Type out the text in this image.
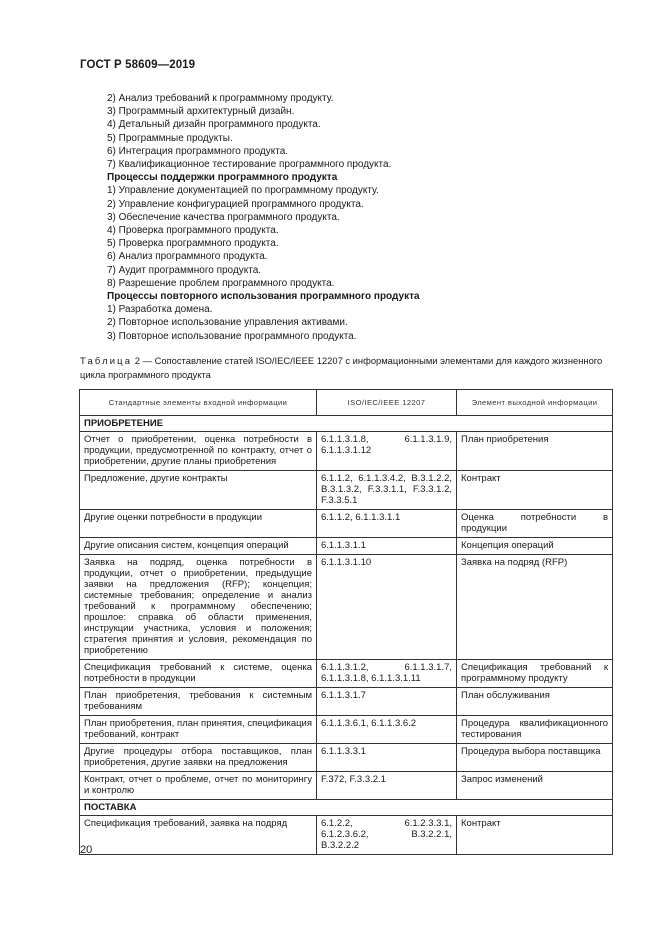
ГОСТ Р 58609—2019
2) Анализ требований к программному продукту.
3) Программный архитектурный дизайн.
4) Детальный дизайн программного продукта.
5) Программные продукты.
6) Интеграция программного продукта.
7) Квалификационное тестирование программного продукта.
Процессы поддержки программного продукта
1) Управление документацией по программному продукту.
2) Управление конфигурацией программного продукта.
3) Обеспечение качества программного продукта.
4) Проверка программного продукта.
5) Проверка программного продукта.
6) Анализ программного продукта.
7) Аудит программного продукта.
8) Разрешение проблем программного продукта.
Процессы повторного использования программного продукта
1) Разработка домена.
2) Повторное использование управления активами.
3) Повторное использование программного продукта.
Таблица 2 — Сопоставление статей ISO/IEC/IEEE 12207 с информационными элементами для каждого жизненного цикла программного продукта
Стандартные элементы входной информации	ISO/IEC/IEEE 12207	Элемент выходной информации
ПРИОБРЕТЕНИЕ		
Отчет о приобретении, оценка потребности в продукции, предусмотренной по контракту, отчет о приобретении, другие планы приобретения	6.1.1.3.1.8, 6.1.1.3.1.9, 6.1.1.3.1.12	План приобретения
Предложение, другие контракты	6.1.1.2, 6.1.1.3.4.2, B.3.1.2.2, B.3.1.3.2, F.3.3.1.1, F.3.3.1.2, F.3.3.5.1	Контракт
Другие оценки потребности в продукции	6.1.1.2, 6.1.1.3.1.1	Оценка потребности в продукции
Другие описания систем, концепция операций	6.1.1.3.1.1	Концепция операций
Заявка на подряд, оценка потребности в продукции, отчет о приобретении, предыдущие заявки на предложения (RFP); концепция; системные требования; определение и анализ требований к программному обеспечению; прошлое: справка об области применения, инструкции участника, условия и положения; стратегия принятия и условия, рекомендация по приобретению	6.1.1.3.1.10	Заявка на подряд (RFP)
Спецификация требований к системе, оценка потребности в продукции	6.1.1.3.1.2, 6.1.1.3.1.7, 6.1.1.3.1.8, 6.1.1.3.1.11	Спецификация требований к программному продукту
План приобретения, требования к системным требованиям	6.1.1.3.1.7	План обслуживания
План приобретения, план принятия, спецификация требований, контракт	6.1.1.3.6.1, 6.1.1.3.6.2	Процедура квалификационного тестирования
Другие процедуры отбора поставщиков, план приобретения, другие заявки на предложения	6.1.1.3.3.1	Процедура выбора поставщика
Контракт, отчет о проблеме, отчет по мониторингу и контролю	F.372, F.3.3.2.1	Запрос изменений
ПОСТАВКА		
Спецификация требований, заявка на подряд	6.1.2.2, 6.1.2.3.3.1, 6.1.2.3.6.2, B.3.2.2.1, B.3.2.2.2	Контракт
20
